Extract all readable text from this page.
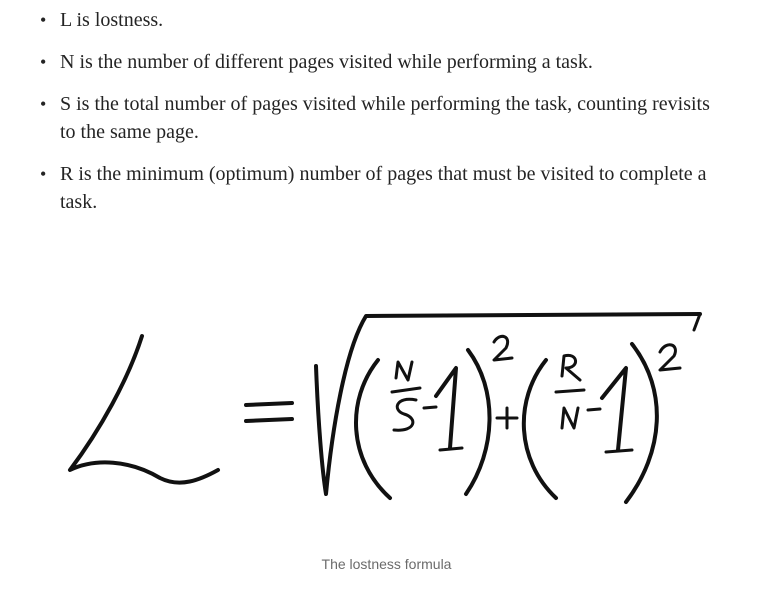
• L is lostness.
• N is the number of different pages visited while performing a task.
• S is the total number of pages visited while performing the task, counting revisits to the same page.
• R is the minimum (optimum) number of pages that must be visited to complete a task.
The lostness formula
